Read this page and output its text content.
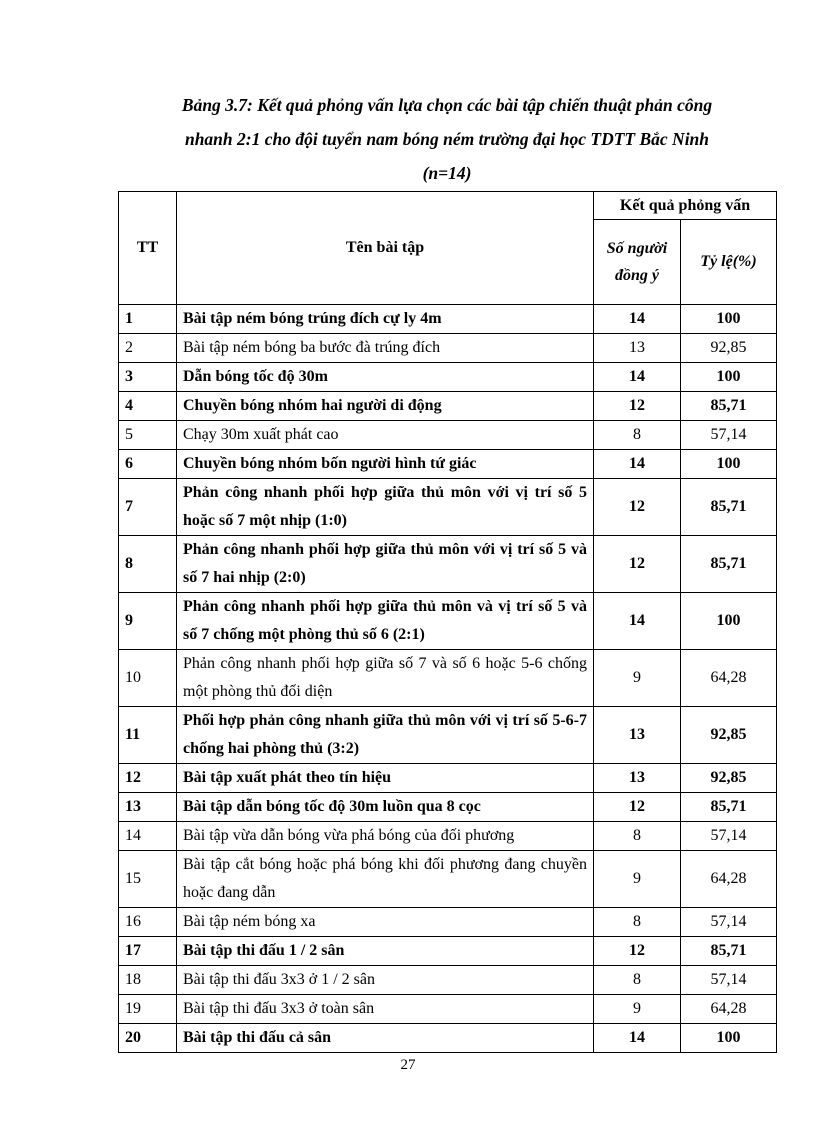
Bảng 3.7: Kết quả phỏng vấn lựa chọn các bài tập chiến thuật phản công
nhanh 2:1 cho đội tuyển nam bóng ném trường đại học TDTT Bắc Ninh
(n=14)
TT	Tên bài tập	Kết quả phỏng vấn	
		Số người đồng ý	Tỷ lệ(%)
1	Bài tập ném bóng trúng đích cự ly 4m	14	100
2	Bài tập ném bóng ba bước đà trúng đích	13	92,85
3	Dẫn bóng tốc độ 30m	14	100
4	Chuyền bóng nhóm hai người di động	12	85,71
5	Chạy 30m xuất phát cao	8	57,14
6	Chuyền bóng nhóm bốn người hình tứ giác	14	100
7	Phản công nhanh phối hợp giữa thủ môn với vị trí số 5 hoặc số 7 một nhịp (1:0)	12	85,71
8	Phản công nhanh phối hợp giữa thủ môn với vị trí số 5 và số 7 hai nhịp (2:0)	12	85,71
9	Phản công nhanh phối hợp giữa thủ môn và vị trí số 5 và số 7 chống một phòng thủ số 6 (2:1)	14	100
10	Phản công nhanh phối hợp giữa số 7 và số 6 hoặc 5-6 chống một phòng thủ đối diện	9	64,28
11	Phối hợp phản công nhanh giữa thủ môn với vị trí số 5-6-7 chống hai phòng thủ (3:2)	13	92,85
12	Bài tập xuất phát theo tín hiệu	13	92,85
13	Bài tập dẫn bóng tốc độ 30m luồn qua 8 cọc	12	85,71
14	Bài tập vừa dẫn bóng vừa phá bóng của đối phương	8	57,14
15	Bài tập cắt bóng hoặc phá bóng khi đối phương đang chuyền hoặc đang dẫn	9	64,28
16	Bài tập ném bóng xa	8	57,14
17	Bài tập thi đấu 1 / 2 sân	12	85,71
18	Bài tập thi đấu 3x3 ở 1 / 2 sân	8	57,14
19	Bài tập thi đấu 3x3 ở toàn sân	9	64,28
20	Bài tập thi đấu cả sân	14	100
27
